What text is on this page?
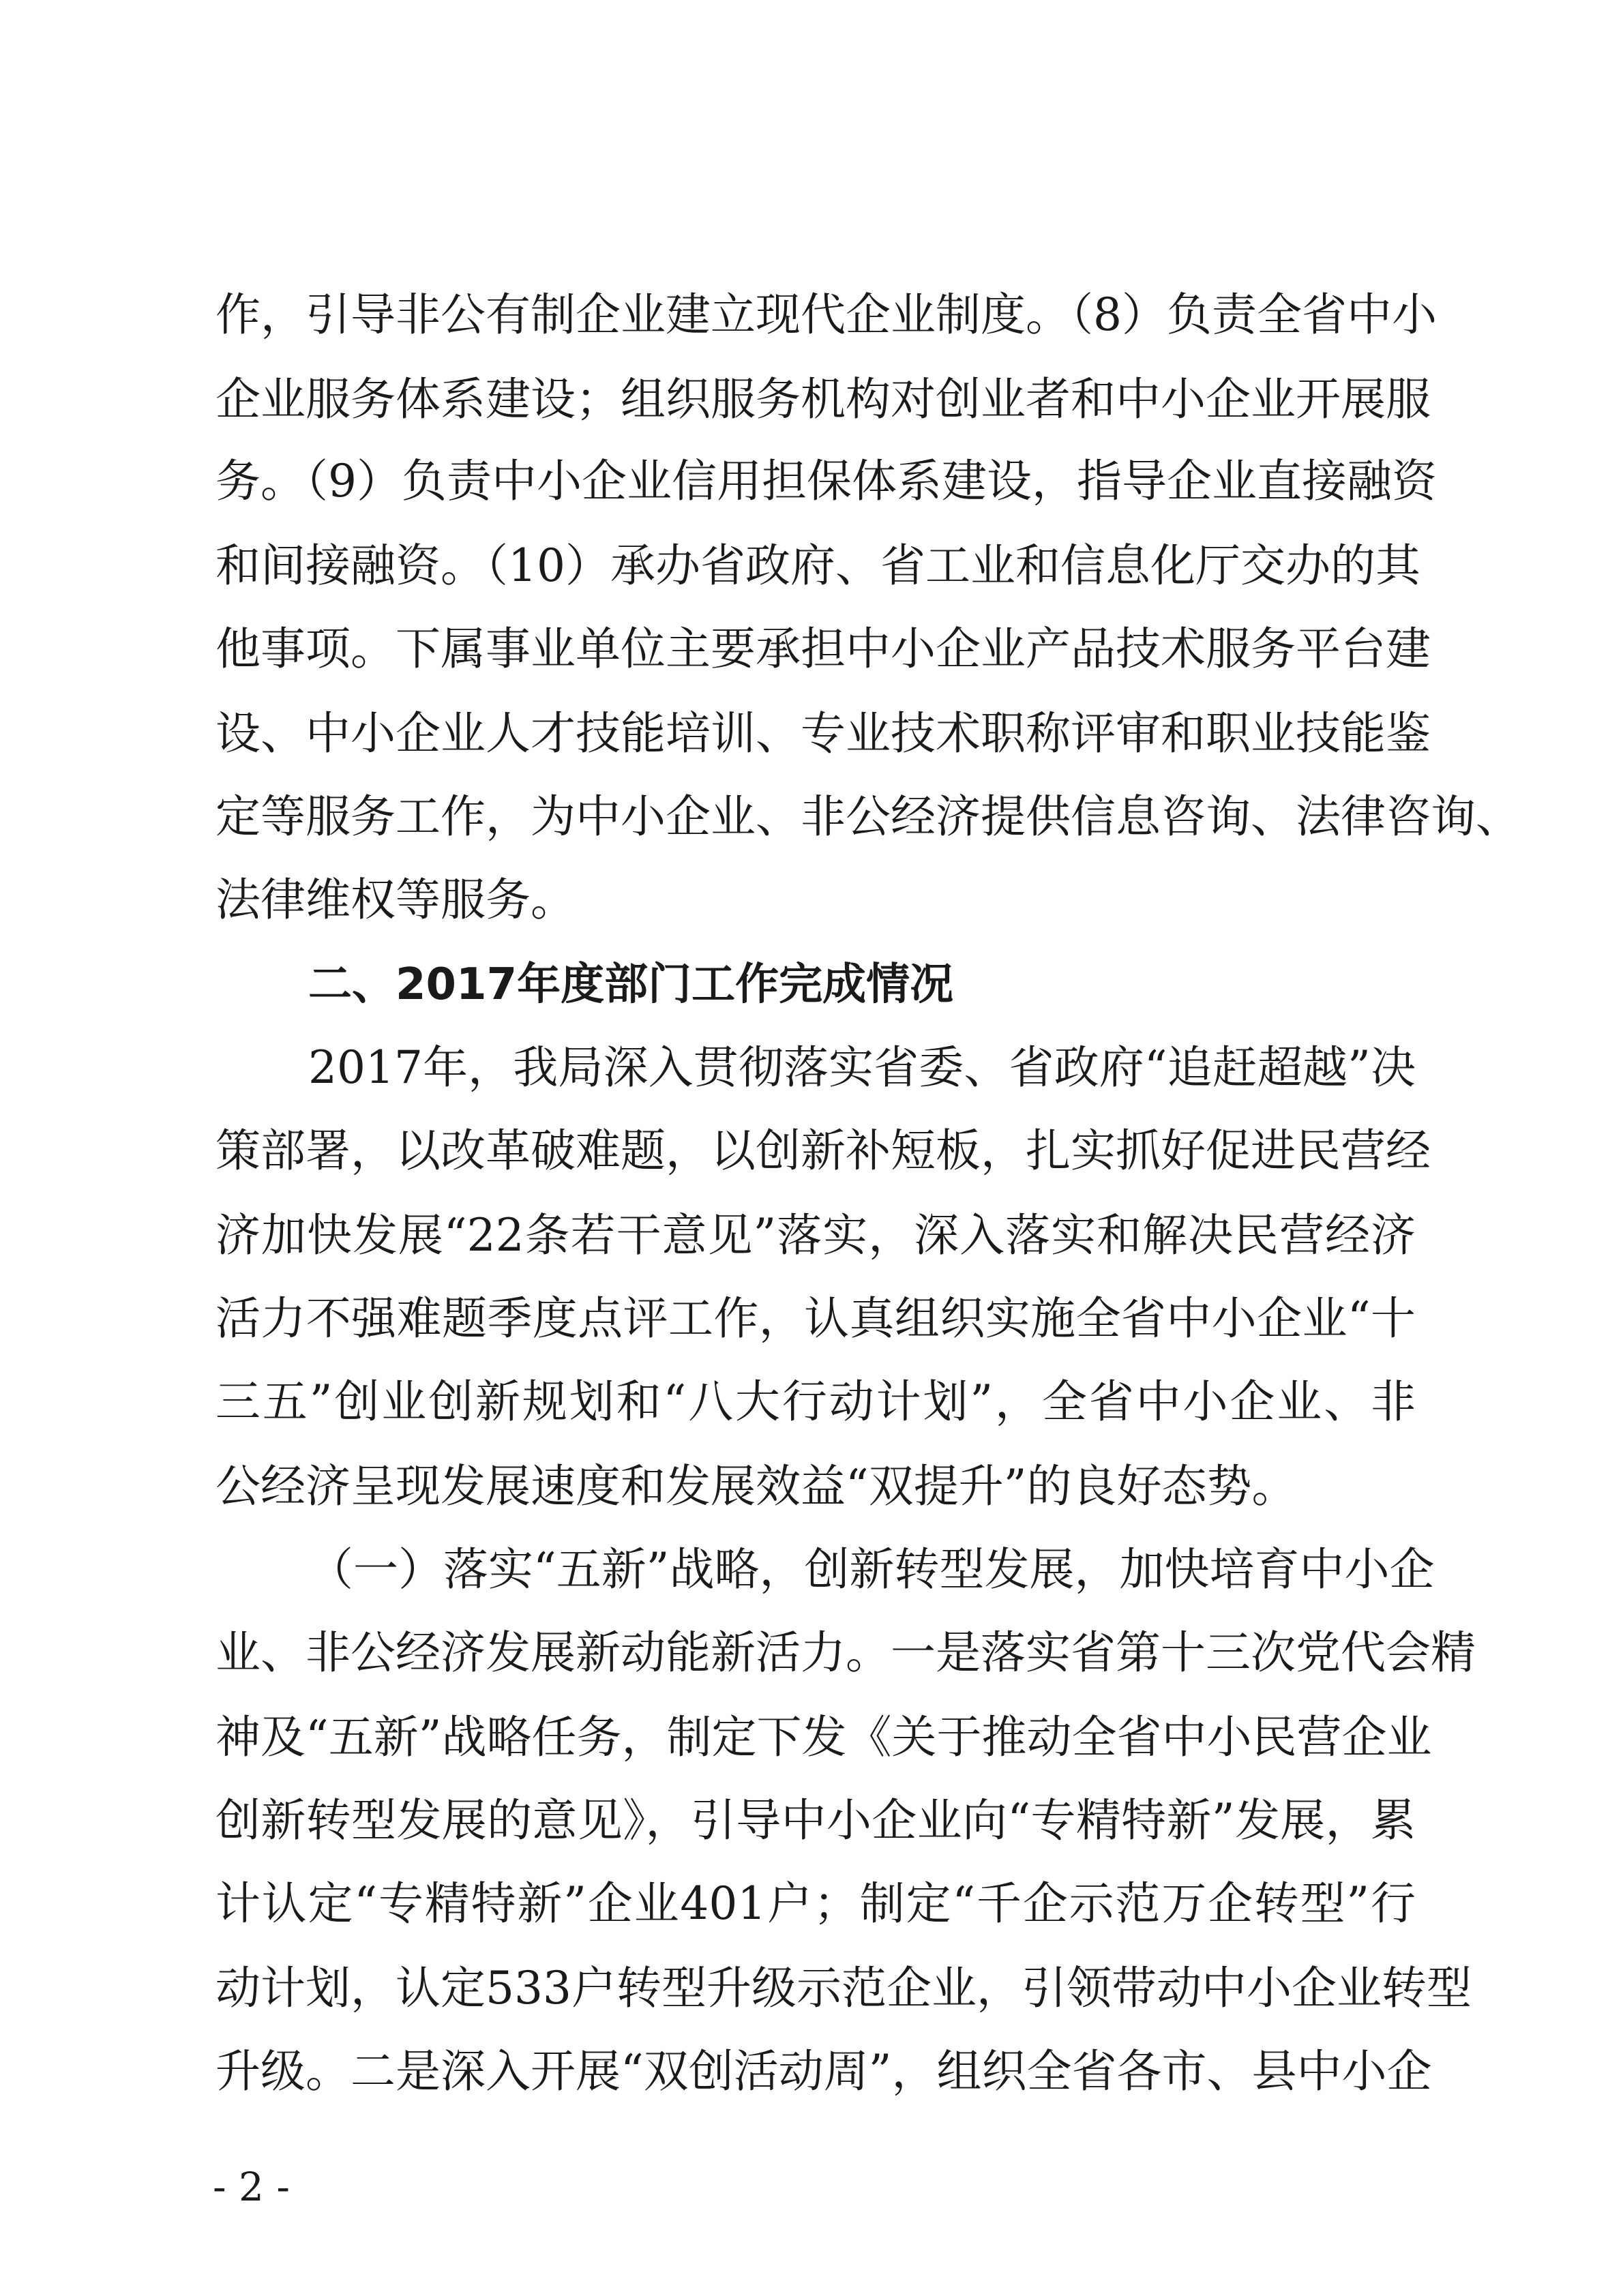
作，引导非公有制企业建立现代企业制度。（8）负责全省中小
企业服务体系建设；组织服务机构对创业者和中小企业开展服
务。（9）负责中小企业信用担保体系建设，指导企业直接融资
和间接融资。（10）承办省政府、省工业和信息化厅交办的其
他事项。下属事业单位主要承担中小企业产品技术服务平台建
设、中小企业人才技能培训、专业技术职称评审和职业技能鉴
定等服务工作，为中小企业、非公经济提供信息咨询、法律咨询、
法律维权等服务。
二、2017年度部门工作完成情况
2017年，我局深入贯彻落实省委、省政府“追赶超越”决
策部署，以改革破难题，以创新补短板，扎实抓好促进民营经
济加快发展“22条若干意见”落实，深入落实和解决民营经济
活力不强难题季度点评工作，认真组织实施全省中小企业“十
三五”创业创新规划和“八大行动计划”，全省中小企业、非
公经济呈现发展速度和发展效益“双提升”的良好态势。
（一）落实“五新”战略，创新转型发展，加快培育中小企
业、非公经济发展新动能新活力。一是落实省第十三次党代会精
神及“五新”战略任务，制定下发《关于推动全省中小民营企业
创新转型发展的意见》，引导中小企业向“专精特新”发展，累
计认定“专精特新”企业401户；制定“千企示范万企转型”行
动计划，认定533户转型升级示范企业，引领带动中小企业转型
升级。二是深入开展“双创活动周”，组织全省各市、县中小企
- 2 -
